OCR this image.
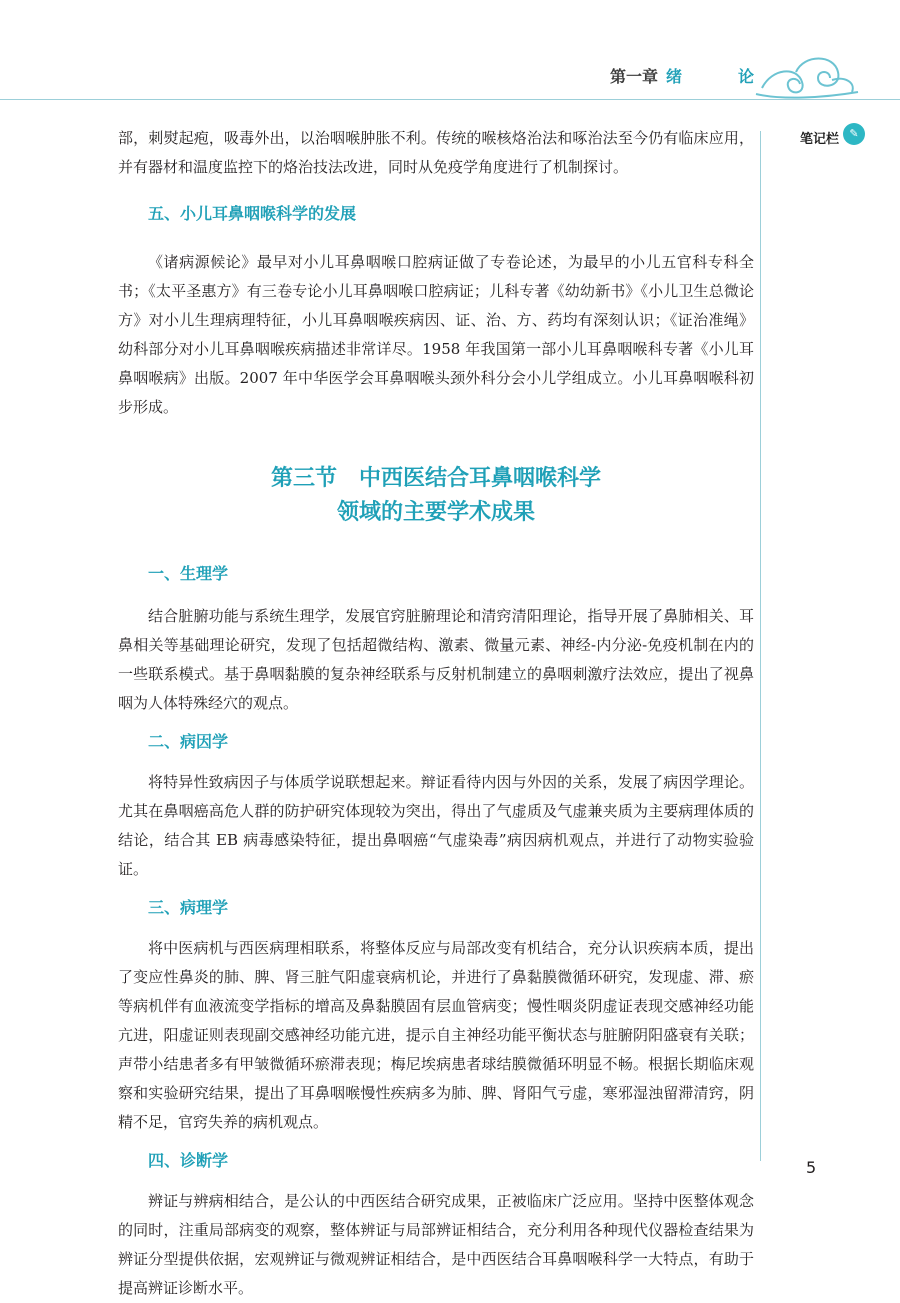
第一章 绪　论
笔记栏 ✎

部，刺熨起疱，吸毒外出，以治咽喉肿胀不利。传统的喉核烙治法和啄治法至今仍有临床应用，并有器材和温度监控下的烙治技法改进，同时从免疫学角度进行了机制探讨。

五、小儿耳鼻咽喉科学的发展

《诸病源候论》最早对小儿耳鼻咽喉口腔病证做了专卷论述，为最早的小儿五官科专科全书；《太平圣惠方》有三卷专论小儿耳鼻咽喉口腔病证；儿科专著《幼幼新书》《小儿卫生总微论方》对小儿生理病理特征，小儿耳鼻咽喉疾病因、证、治、方、药均有深刻认识；《证治准绳》幼科部分对小儿耳鼻咽喉疾病描述非常详尽。1958 年我国第一部小儿耳鼻咽喉科专著《小儿耳鼻咽喉病》出版。2007 年中华医学会耳鼻咽喉头颈外科分会小儿学组成立。小儿耳鼻咽喉科初步形成。

第三节　中西医结合耳鼻咽喉科学

领域的主要学术成果

一、生理学

结合脏腑功能与系统生理学，发展官窍脏腑理论和清窍清阳理论，指导开展了鼻肺相关、耳鼻相关等基础理论研究，发现了包括超微结构、激素、微量元素、神经-内分泌-免疫机制在内的一些联系模式。基于鼻咽黏膜的复杂神经联系与反射机制建立的鼻咽刺激疗法效应，提出了视鼻咽为人体特殊经穴的观点。

二、病因学

将特异性致病因子与体质学说联想起来。辩证看待内因与外因的关系，发展了病因学理论。尤其在鼻咽癌高危人群的防护研究体现较为突出，得出了气虚质及气虚兼夹质为主要病理体质的结论，结合其 EB 病毒感染特征，提出鼻咽癌“气虚染毒”病因病机观点，并进行了动物实验验证。

三、病理学

将中医病机与西医病理相联系，将整体反应与局部改变有机结合，充分认识疾病本质，提出了变应性鼻炎的肺、脾、肾三脏气阳虚衰病机论，并进行了鼻黏膜微循环研究，发现虚、滞、瘀等病机伴有血液流变学指标的增高及鼻黏膜固有层血管病变；慢性咽炎阴虚证表现交感神经功能亢进，阳虚证则表现副交感神经功能亢进，提示自主神经功能平衡状态与脏腑阴阳盛衰有关联；声带小结患者多有甲皱微循环瘀滞表现；梅尼埃病患者球结膜微循环明显不畅。根据长期临床观察和实验研究结果，提出了耳鼻咽喉慢性疾病多为肺、脾、肾阳气亏虚，寒邪湿浊留滞清窍，阴精不足，官窍失养的病机观点。

四、诊断学

辨证与辨病相结合，是公认的中西医结合研究成果，正被临床广泛应用。坚持中医整体观念的同时，注重局部病变的观察，整体辨证与局部辨证相结合，充分利用各种现代仪器检查结果为辨证分型提供依据，宏观辨证与微观辨证相结合，是中西医结合耳鼻咽喉科学一大特点，有助于提高辨证诊断水平。

5
